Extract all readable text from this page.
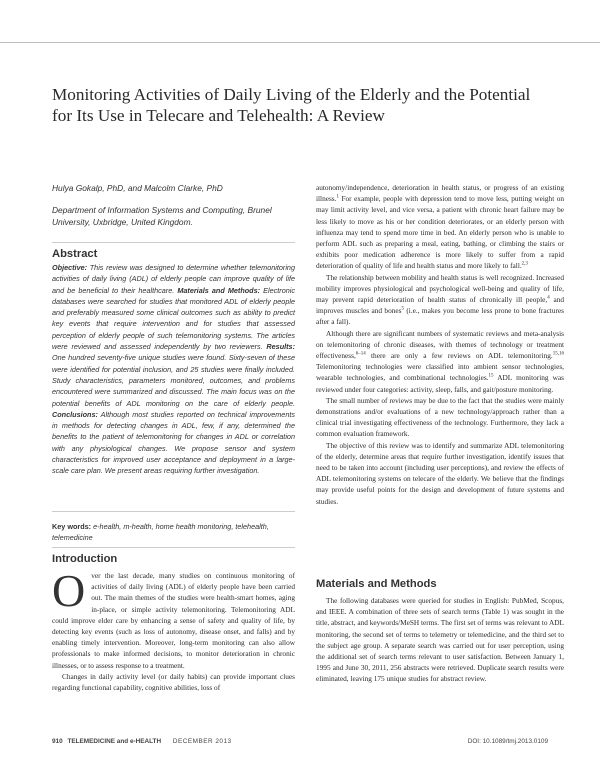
Monitoring Activities of Daily Living of the Elderly and the Potential for Its Use in Telecare and Telehealth: A Review
Hulya Gokalp, PhD, and Malcolm Clarke, PhD
Department of Information Systems and Computing, Brunel University, Uxbridge, United Kingdom.
Abstract
Objective: This review was designed to determine whether telemonitoring activities of daily living (ADL) of elderly people can improve quality of life and be beneficial to their healthcare. Materials and Methods: Electronic databases were searched for studies that monitored ADL of elderly people and preferably measured some clinical outcomes such as ability to predict key events that require intervention and for studies that assessed perception of elderly people of such telemonitoring systems. The articles were reviewed and assessed independently by two reviewers. Results: One hundred seventy-five unique studies were found. Sixty-seven of these were identified for potential inclusion, and 25 studies were finally included. Study characteristics, parameters monitored, outcomes, and problems encountered were summarized and discussed. The main focus was on the potential benefits of ADL monitoring on the care of elderly people. Conclusions: Although most studies reported on technical improvements in methods for detecting changes in ADL, few, if any, determined the benefits to the patient of telemonitoring for changes in ADL or correlation with any physiological changes. We propose sensor and system characteristics for improved user acceptance and deployment in a large-scale care plan. We present areas requiring further investigation.
Key words: e-health, m-health, home health monitoring, telehealth, telemedicine
Introduction

Over the last decade, many studies on continuous monitoring of activities of daily living (ADL) of elderly people have been carried out. The main themes of the studies were health-smart homes, aging in-place, or simple activity telemonitoring. Telemonitoring ADL could improve elder care by enhancing a sense of safety and quality of life, by detecting key events (such as loss of autonomy, disease onset, and falls) and by enabling timely intervention. Moreover, long-term monitoring can also allow professionals to make informed decisions, to monitor deterioration in chronic illnesses, or to assess response to a treatment.

Changes in daily activity level (or daily habits) can provide important clues regarding functional capability, cognitive abilities, loss of

autonomy/independence, deterioration in health status, or progress of an existing illness.$^1$ For example, people with depression tend to move less, putting weight on may limit activity level, and vice versa, a patient with chronic heart failure may be less likely to move as his or her condition deteriorates, or an elderly person with influenza may tend to spend more time in bed. An elderly person who is unable to perform ADL such as preparing a meal, eating, bathing, or climbing the stairs or exhibits poor medication adherence is more likely to suffer from a rapid deterioration of quality of life and health status and more likely to fall.$^{2,3}$

The relationship between mobility and health status is well recognized. Increased mobility improves physiological and psychological well-being and quality of life, may prevent rapid deterioration of health status of chronically ill people,$^4$ and improves muscles and bones$^5$ (i.e., makes you become less prone to bone fractures after a fall).

Although there are significant numbers of systematic reviews and meta-analysis on telemonitoring of chronic diseases, with themes of technology or treatment effectiveness,$^{6-14}$ there are only a few reviews on ADL telemonitoring.$^{15,16}$ Telemonitoring technologies were classified into ambient sensor technologies, wearable technologies, and combinational technologies.$^{15}$ ADL monitoring was reviewed under four categories: activity, sleep, falls, and gait/posture monitoring.

The small number of reviews may be due to the fact that the studies were mainly demonstrations and/or evaluations of a new technology/approach rather than a clinical trial investigating effectiveness of the technology. Furthermore, they lack a common evaluation framework.

The objective of this review was to identify and summarize ADL telemonitoring of the elderly, determine areas that require further investigation, identify issues that need to be taken into account (including user perceptions), and review the effects of ADL telemonitoring systems on telecare of the elderly. We believe that the findings may provide useful points for the design and development of future systems and studies.

Materials and Methods

The following databases were queried for studies in English: PubMed, Scopus, and IEEE. A combination of three sets of search terms (Table 1) was sought in the title, abstract, and keywords/MeSH terms. The first set of terms was relevant to ADL monitoring, the second set of terms to telemetry or telemedicine, and the third set to the subject age group. A separate search was carried out for user perception, using the additional set of search terms relevant to user satisfaction. Between January 1, 1995 and June 30, 2011, 256 abstracts were retrieved. Duplicate search results were eliminated, leaving 175 unique studies for abstract review.

910 TELEMEDICINE and e-HEALTH DECEMBER 2013	DOI: 10.1089/tmj.2013.0109
